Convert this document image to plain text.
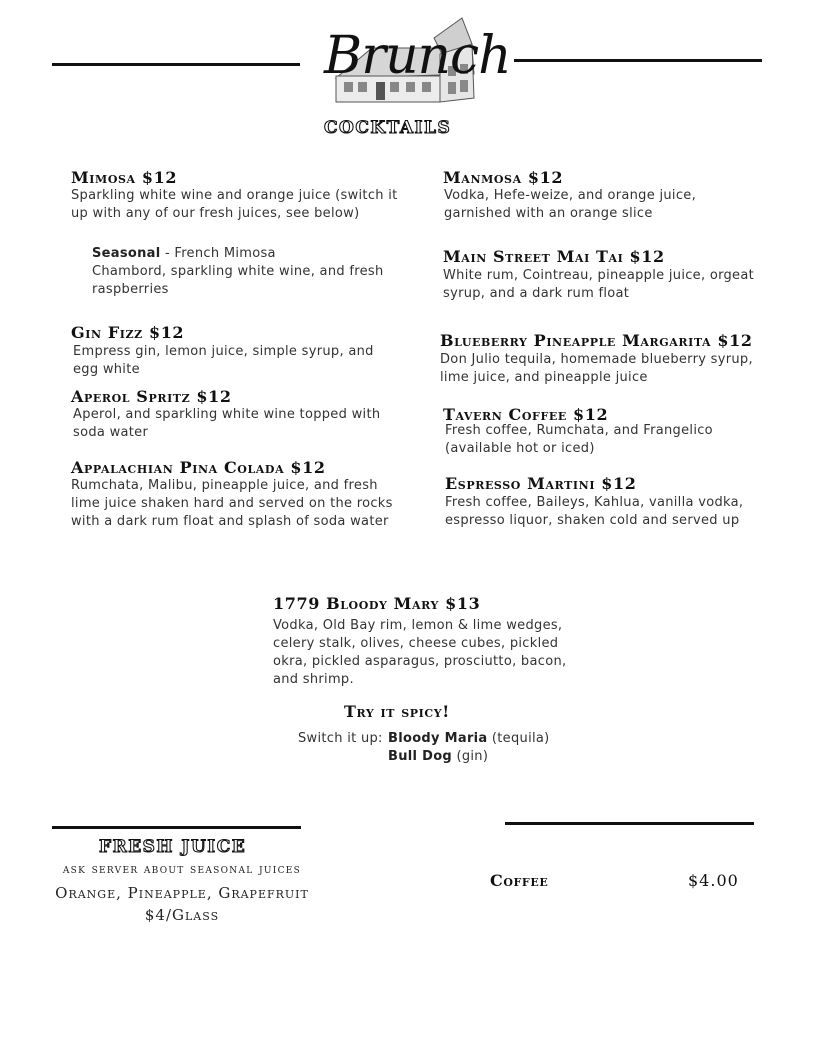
Brunch
COCKTAILS
Mimosa $12
Sparkling white wine and orange juice (switch it up with any of our fresh juices, see below)
Seasonal - French Mimosa
Chambord, sparkling white wine, and fresh raspberries
Gin Fizz $12
Empress gin, lemon juice, simple syrup, and egg white
Aperol Spritz $12
Aperol, and sparkling white wine topped with soda water
Appalachian Pina Colada $12
Rumchata, Malibu, pineapple juice, and fresh lime juice shaken hard and served on the rocks with a dark rum float and splash of soda water
Manmosa $12
Vodka, Hefe-weize, and orange juice, garnished with an orange slice
Main Street Mai Tai $12
White rum, Cointreau, pineapple juice, orgeat syrup, and a dark rum float
Blueberry Pineapple Margarita $12
Don Julio tequila, homemade blueberry syrup, lime juice, and pineapple juice
Tavern Coffee $12
Fresh coffee, Rumchata, and Frangelico (available hot or iced)
Espresso Martini $12
Fresh coffee, Baileys, Kahlua, vanilla vodka, espresso liquor, shaken cold and served up
1779 Bloody Mary $13
Vodka, Old Bay rim, lemon & lime wedges, celery stalk, olives, cheese cubes, pickled okra, pickled asparagus, prosciutto, bacon, and shrimp.
Try it spicy!
Switch it up: Bloody Maria (tequila)
Bull Dog (gin)
FRESH JUICE
ask server about seasonal juices
Orange, Pineapple, Grapefruit
$4/Glass
Coffee	$4.00
